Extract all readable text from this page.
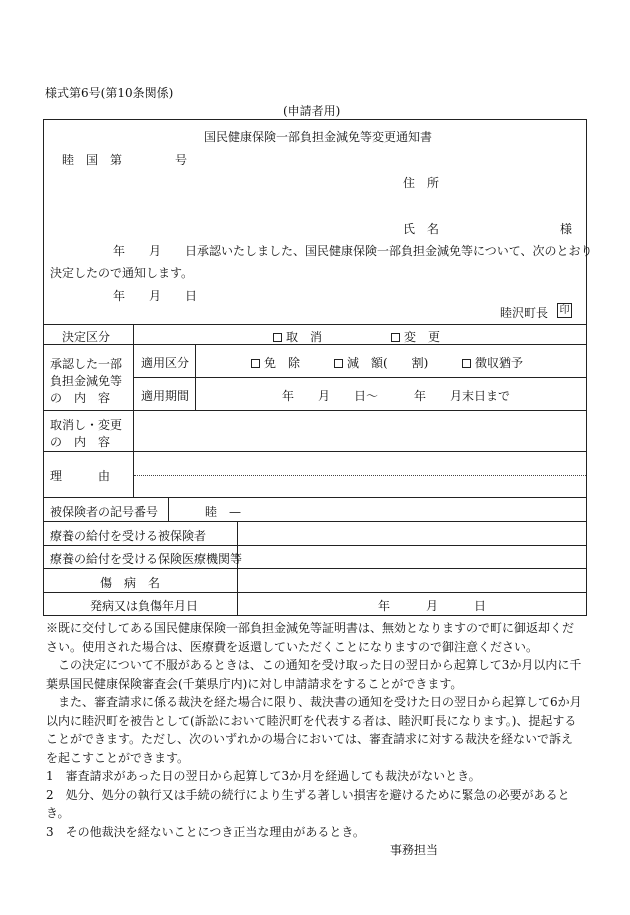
様式第6号(第10条関係)
(申請者用)
国民健康保険一部負担金減免等変更通知書
睦　国　第	号
住　所
氏　名	様
年　　月　　日承認いたしました、国民健康保険一部負担金減免等について、次のとおり
決定したので通知します。
年　　月　　日
睦沢町長 印
決定区分	取　消	変　更
承認した一部
負担金減免等
の　内　容
適用区分	免　除	減　額(　　割)	徴収猶予
適用期間	年　　月　　日〜　　　年　　月末日まで
取消し・変更
の　内　容
理　　　由
被保険者の記号番号	睦　—
療養の給付を受ける被保険者
療養の給付を受ける保険医療機関等
傷　病　名
発病又は負傷年月日	年　　　月　　　日

※既に交付してある国民健康保険一部負担金減免等証明書は、無効となりますので町に御返却ください。使用された場合は、医療費を返還していただくことになりますので御注意ください。

この決定について不服があるときは、この通知を受け取った日の翌日から起算して3か月以内に千葉県国民健康保険審査会(千葉県庁内)に対し申請請求をすることができます。

また、審査請求に係る裁決を経た場合に限り、裁決書の通知を受けた日の翌日から起算して6か月以内に睦沢町を被告として(訴訟において睦沢町を代表する者は、睦沢町長になります。)、提起することができます。ただし、次のいずれかの場合においては、審査請求に対する裁決を経ないで訴えを起こすことができます。

1　審査請求があった日の翌日から起算して3か月を経過しても裁決がないとき。

2　処分、処分の執行又は手続の続行により生ずる著しい損害を避けるために緊急の必要があるとき。

3　その他裁決を経ないことにつき正当な理由があるとき。

事務担当
